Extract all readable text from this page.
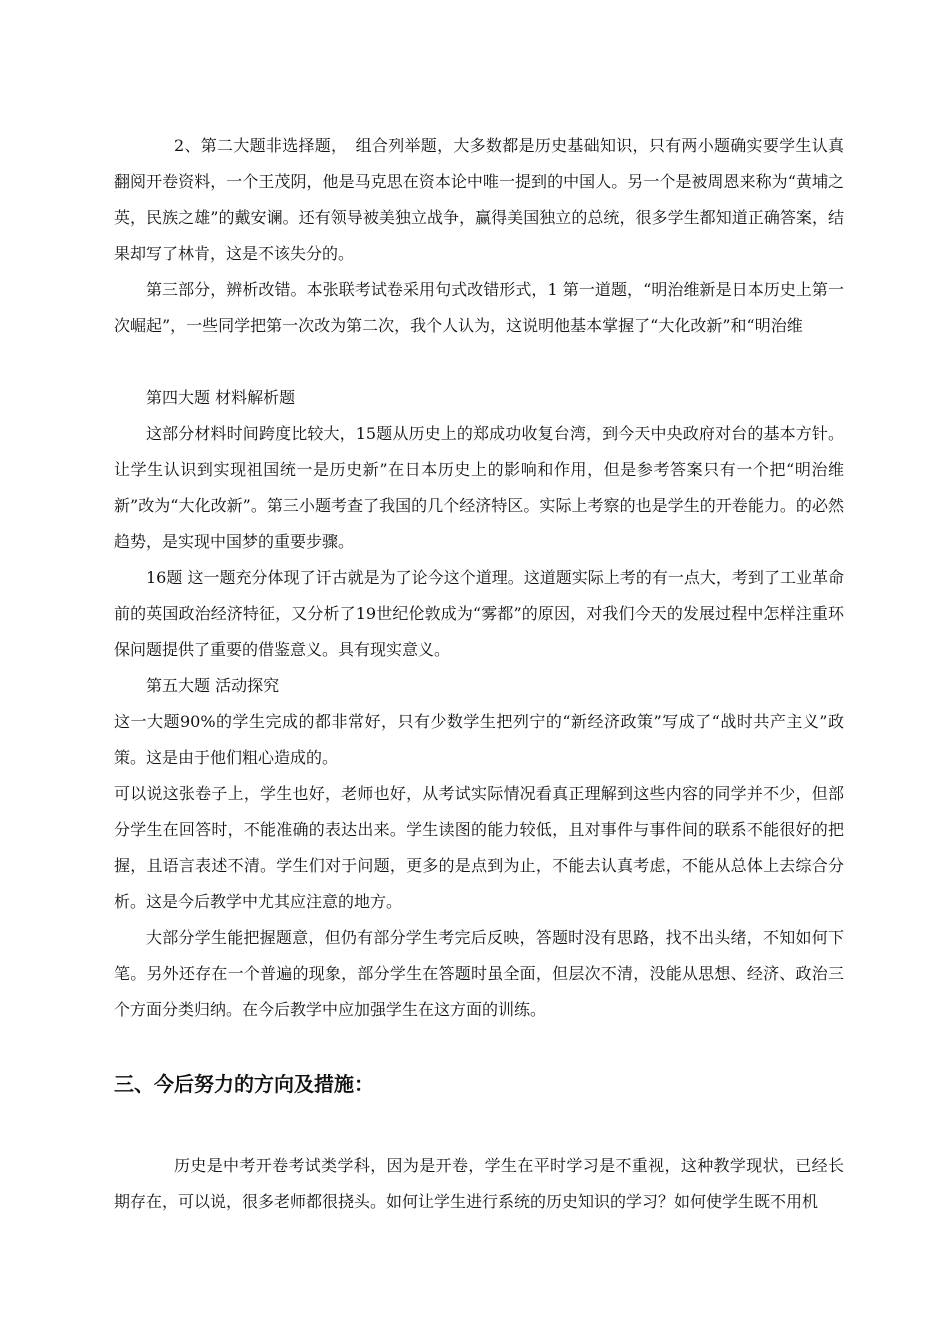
2、第二大题非选择题，　组合列举题，大多数都是历史基础知识，只有两小题确实要学生认真翻阅开卷资料，一个王茂阴，他是马克思在资本论中唯一提到的中国人。另一个是被周恩来称为“黄埔之英，民族之雄”的戴安谰。还有领导被美独立战争，赢得美国独立的总统，很多学生都知道正确答案，结果却写了林肯，这是不该失分的。

第三部分，辨析改错。本张联考试卷采用句式改错形式，1 第一道题，“明治维新是日本历史上第一次崛起”，一些同学把第一次改为第二次，我个人认为，这说明他基本掌握了“大化改新”和“明治维

第四大题 材料解析题

这部分材料时间跨度比较大，15题从历史上的郑成功收复台湾，到今天中央政府对台的基本方针。让学生认识到实现祖国统一是历史新”在日本历史上的影响和作用，但是参考答案只有一个把“明治维新”改为“大化改新”。第三小题考查了我国的几个经济特区。实际上考察的也是学生的开卷能力。的必然趋势，是实现中国梦的重要步骤。

16题 这一题充分体现了讦古就是为了论今这个道理。这道题实际上考的有一点大，考到了工业革命前的英国政治经济特征，又分析了19世纪伦敦成为“雾都”的原因，对我们今天的发展过程中怎样注重环保问题提供了重要的借鉴意义。具有现实意义。

第五大题 活动探究

这一大题90%的学生完成的都非常好，只有少数学生把列宁的“新经济政策”写成了“战时共产主义”政策。这是由于他们粗心造成的。

可以说这张卷子上，学生也好，老师也好，从考试实际情况看真正理解到这些内容的同学并不少，但部分学生在回答时，不能准确的表达出来。学生读图的能力较低，且对事件与事件间的联系不能很好的把握，且语言表述不清。学生们对于问题，更多的是点到为止，不能去认真考虑，不能从总体上去综合分析。这是今后教学中尤其应注意的地方。

大部分学生能把握题意，但仍有部分学生考完后反映，答题时没有思路，找不出头绪，不知如何下笔。另外还存在一个普遍的现象，部分学生在答题时虽全面，但层次不清，没能从思想、经济、政治三个方面分类归纳。在今后教学中应加强学生在这方面的训练。

三、今后努力的方向及措施：

历史是中考开卷考试类学科，因为是开卷，学生在平时学习是不重视，这种教学现状，已经长期存在，可以说，很多老师都很挠头。如何让学生进行系统的历史知识的学习？如何使学生既不用机
